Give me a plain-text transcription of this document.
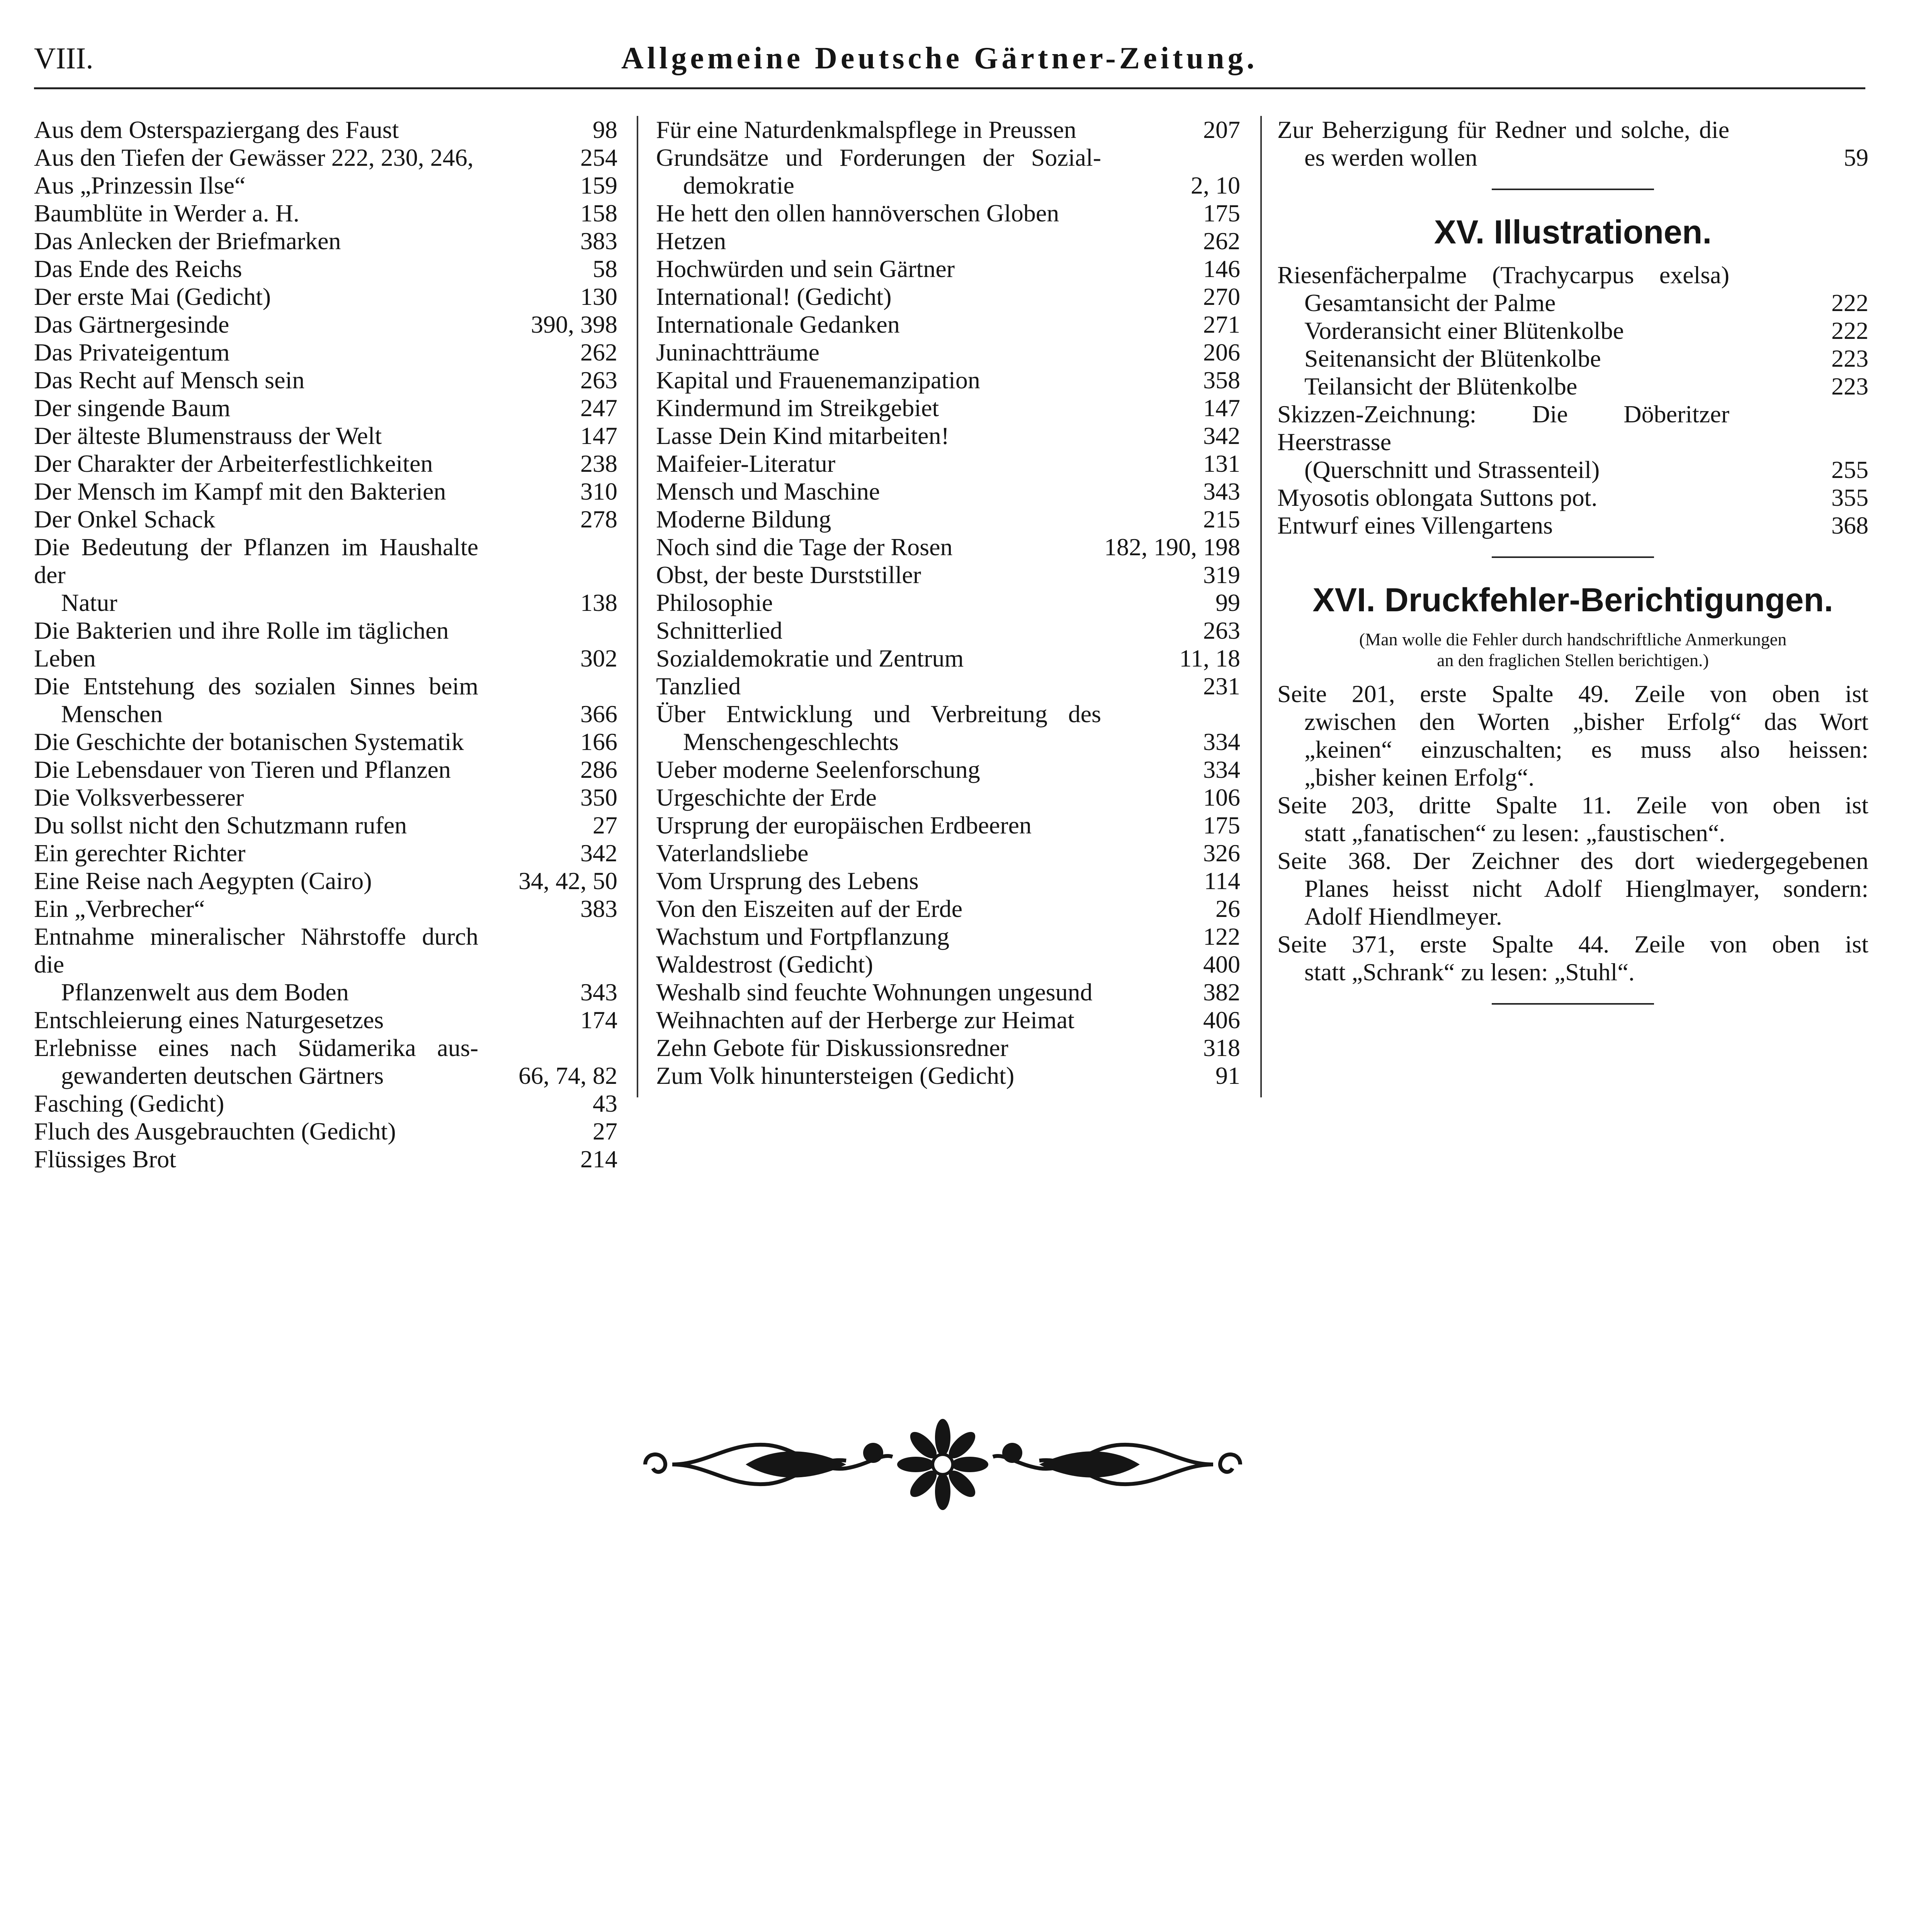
VIII.	Allgemeine Deutsche Gärtner-Zeitung.
Aus dem Osterspaziergang des Faust	98
Aus den Tiefen der Gewässer 222, 230, 246,	254
Aus „Prinzessin Ilse“	159
Baumblüte in Werder a. H.	158
Das Anlecken der Briefmarken	383
Das Ende des Reichs	58
Der erste Mai (Gedicht)	130
Das Gärtnergesinde	390, 398
Das Privateigentum	262
Das Recht auf Mensch sein	263
Der singende Baum	247
Der älteste Blumenstrauss der Welt	147
Der Charakter der Arbeiterfestlichkeiten	238
Der Mensch im Kampf mit den Bakterien	310
Der Onkel Schack	278
Die Bedeutung der Pflanzen im Haushalte der
Natur	138
Die Bakterien und ihre Rolle im täglichen Leben	302
Die Entstehung des sozialen Sinnes beim
Menschen	366
Die Geschichte der botanischen Systematik	166
Die Lebensdauer von Tieren und Pflanzen	286
Die Volksverbesserer	350
Du sollst nicht den Schutzmann rufen	27
Ein gerechter Richter	342
Eine Reise nach Aegypten (Cairo)	34, 42, 50
Ein „Verbrecher“	383
Entnahme mineralischer Nährstoffe durch die
Pflanzenwelt aus dem Boden	343
Entschleierung eines Naturgesetzes	174
Erlebnisse eines nach Südamerika aus-
gewanderten deutschen Gärtners	66, 74, 82
Fasching (Gedicht)	43
Fluch des Ausgebrauchten (Gedicht)	27
Flüssiges Brot	214
Für eine Naturdenkmalspflege in Preussen	207
Grundsätze und Forderungen der Sozial-
demokratie	2, 10
He hett den ollen hannöverschen Globen	175
Hetzen	262
Hochwürden und sein Gärtner	146
International! (Gedicht)	270
Internationale Gedanken	271
Juninachtträume	206
Kapital und Frauenemanzipation	358
Kindermund im Streikgebiet	147
Lasse Dein Kind mitarbeiten!	342
Maifeier-Literatur	131
Mensch und Maschine	343
Moderne Bildung	215
Noch sind die Tage der Rosen	182, 190, 198
Obst, der beste Durststiller	319
Philosophie	99
Schnitterlied	263
Sozialdemokratie und Zentrum	11, 18
Tanzlied	231
Über Entwicklung und Verbreitung des
Menschengeschlechts	334
Ueber moderne Seelenforschung	334
Urgeschichte der Erde	106
Ursprung der europäischen Erdbeeren	175
Vaterlandsliebe	326
Vom Ursprung des Lebens	114
Von den Eiszeiten auf der Erde	26
Wachstum und Fortpflanzung	122
Waldestrost (Gedicht)	400
Weshalb sind feuchte Wohnungen ungesund	382
Weihnachten auf der Herberge zur Heimat	406
Zehn Gebote für Diskussionsredner	318
Zum Volk hinuntersteigen (Gedicht)	91
Zur Beherzigung für Redner und solche, die
es werden wollen	59
XV. Illustrationen.
Riesenfächerpalme (Trachycarpus exelsa)
Gesamtansicht der Palme	222
Vorderansicht einer Blütenkolbe	222
Seitenansicht der Blütenkolbe	223
Teilansicht der Blütenkolbe	223
Skizzen-Zeichnung: Die Döberitzer Heerstrasse
(Querschnitt und Strassenteil)	255
Myosotis oblongata Suttons pot.	355
Entwurf eines Villengartens	368
XVI. Druckfehler-Berichtigungen.
(Man wolle die Fehler durch handschriftliche Anmerkungen
an den fraglichen Stellen berichtigen.)
Seite 201, erste Spalte 49. Zeile von oben ist
zwischen den Worten „bisher Erfolg“ das Wort
„keinen“ einzuschalten; es muss also heissen:
„bisher keinen Erfolg“.
Seite 203, dritte Spalte 11. Zeile von oben ist
statt „fanatischen“ zu lesen: „faustischen“.
Seite 368. Der Zeichner des dort wiedergegebenen
Planes heisst nicht Adolf Hienglmayer, sondern:
Adolf Hiendlmeyer.
Seite 371, erste Spalte 44. Zeile von oben ist
statt „Schrank“ zu lesen: „Stuhl“.
